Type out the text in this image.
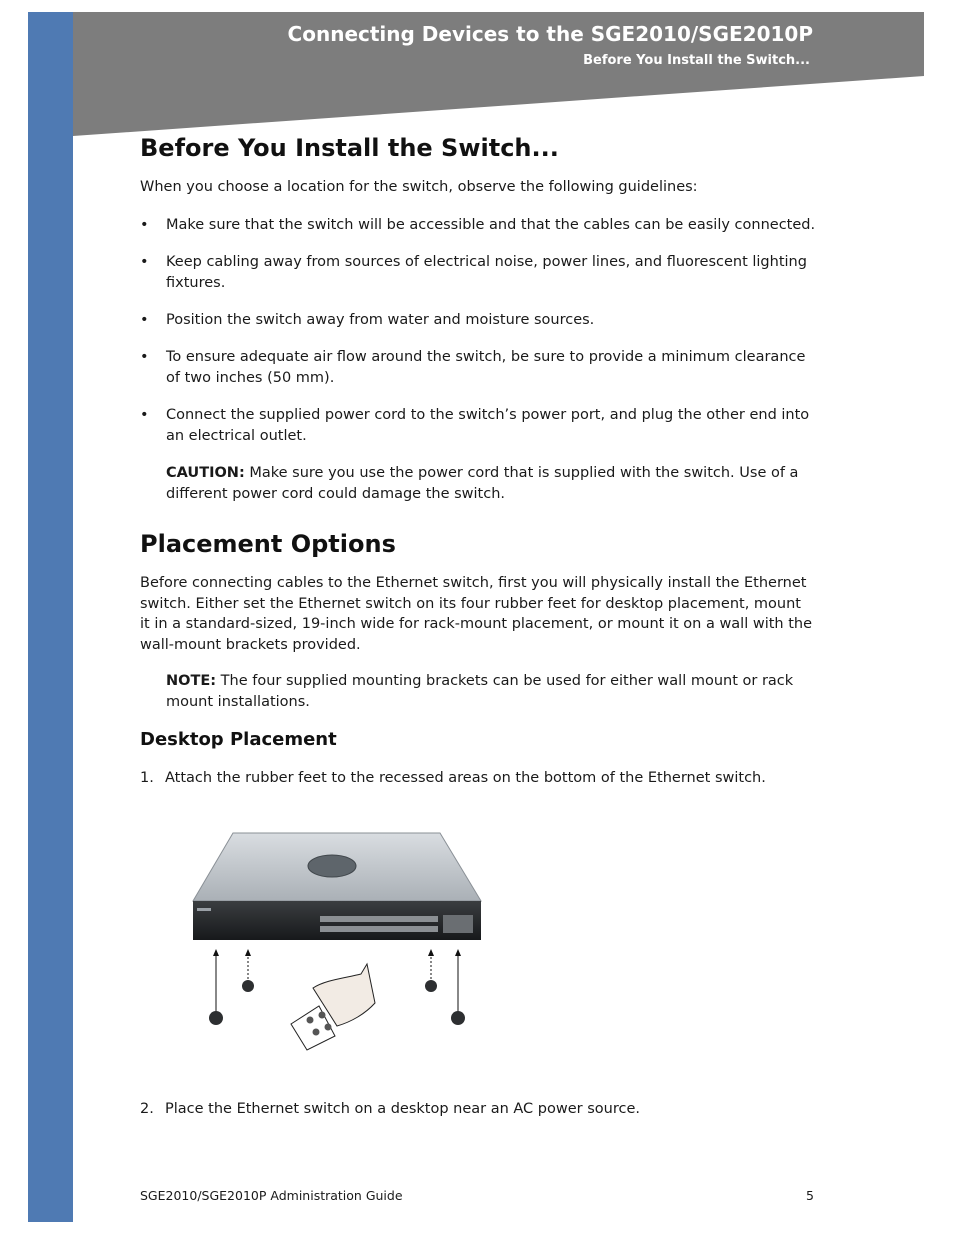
Connecting Devices to the SGE2010/SGE2010P
Before You Install the Switch...
Before You Install the Switch...
When you choose a location for the switch, observe the following guidelines:
•	Make sure that the switch will be accessible and that the cables can be easily connected.
•	Keep cabling away from sources of electrical noise, power lines, and fluorescent lighting fixtures.
•	Position the switch away from water and moisture sources.
•	To ensure adequate air flow around the switch, be sure to provide a minimum clearance of two inches (50 mm).
•	Connect the supplied power cord to the switch’s power port, and plug the other end into an electrical outlet.
CAUTION: Make sure you use the power cord that is supplied with the switch. Use of a different power cord could damage the switch.
Placement Options
Before connecting cables to the Ethernet switch, first you will physically install the Ethernet switch. Either set the Ethernet switch on its four rubber feet for desktop placement, mount it in a standard-sized, 19-inch wide for rack-mount placement, or mount it on a wall with the wall-mount brackets provided.
NOTE: The four supplied mounting brackets can be used for either wall mount or rack mount installations.
Desktop Placement
1. Attach the rubber feet to the recessed areas on the bottom of the Ethernet switch.
2. Place the Ethernet switch on a desktop near an AC power source.
SGE2010/SGE2010P Administration Guide	5
